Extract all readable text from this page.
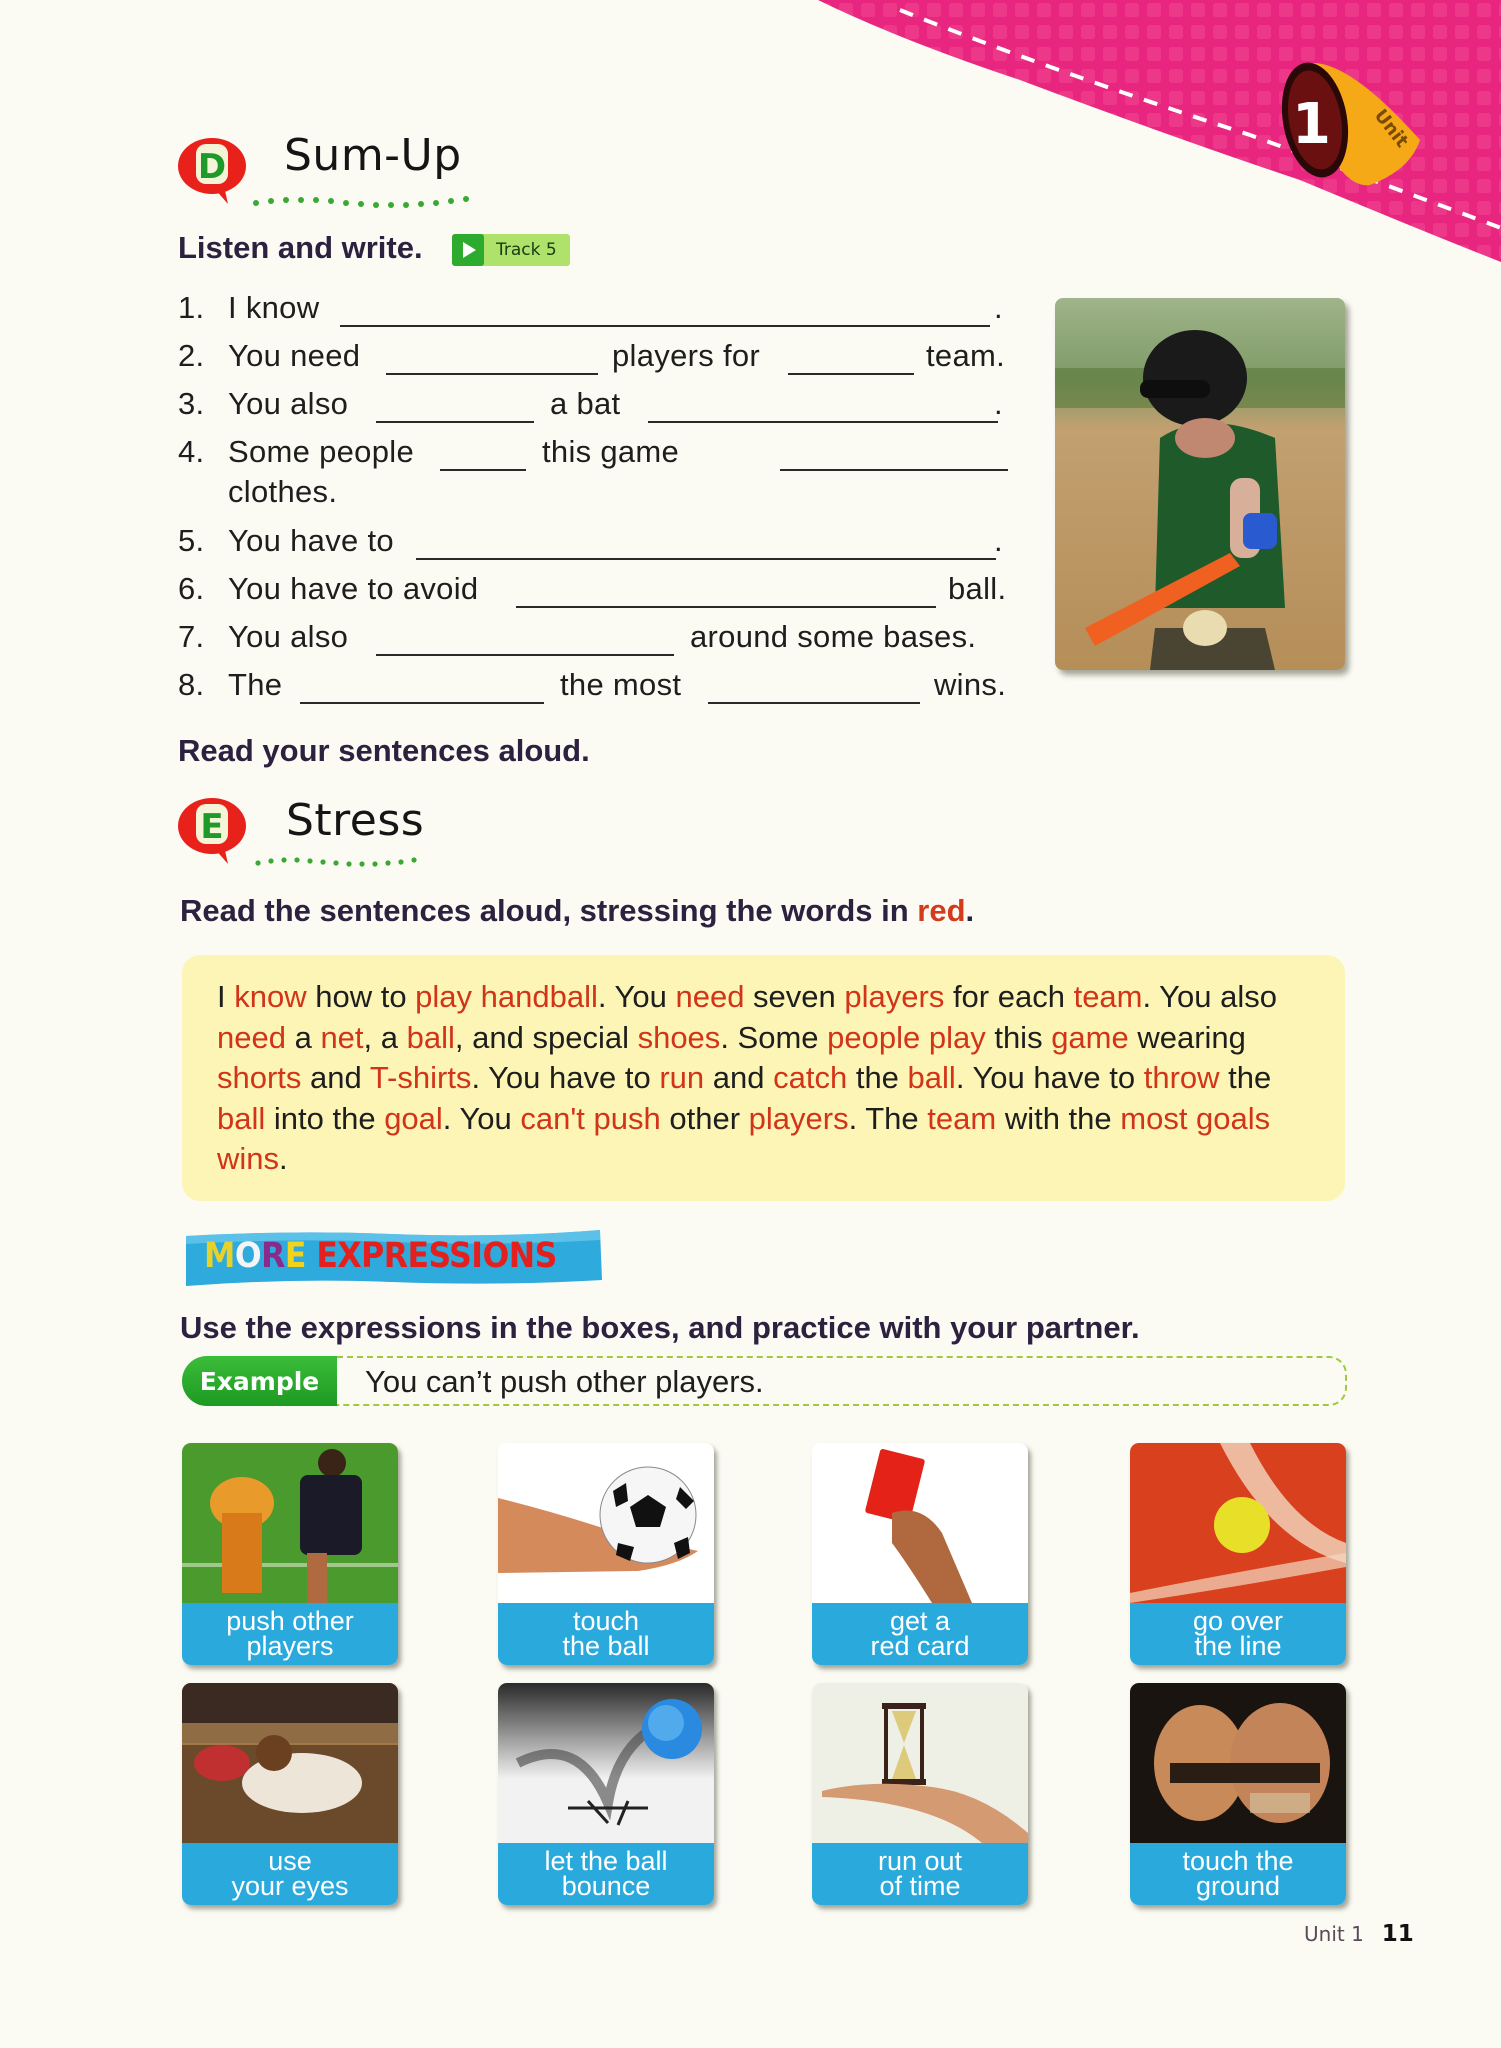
1 Unit
D Sum-Up
Listen and write.	Track 5
1. I know	.
2. You need	players for	team.
3. You also	a bat	.
4. Some people	this game
clothes.
5. You have to	.
6. You have to avoid	ball.
7. You also	around some bases.
8. The	the most	wins.
Read your sentences aloud.
E Stress
Read the sentences aloud, stressing the words in red.
I know how to play handball. You need seven players for each team. You also need a net, a ball, and special shoes. Some people play this game wearing shorts and T-shirts. You have to run and catch the ball. You have to throw the ball into the goal. You can't push other players. The team with the most goals wins.
MORE EXPRESSIONS
Use the expressions in the boxes, and practice with your partner.
Example	You can’t push other players.
push other
players
touch
the ball
get a
red card
go over
the line
use
your eyes
let the ball
bounce
run out
of time
touch the
ground
Unit 1 11
